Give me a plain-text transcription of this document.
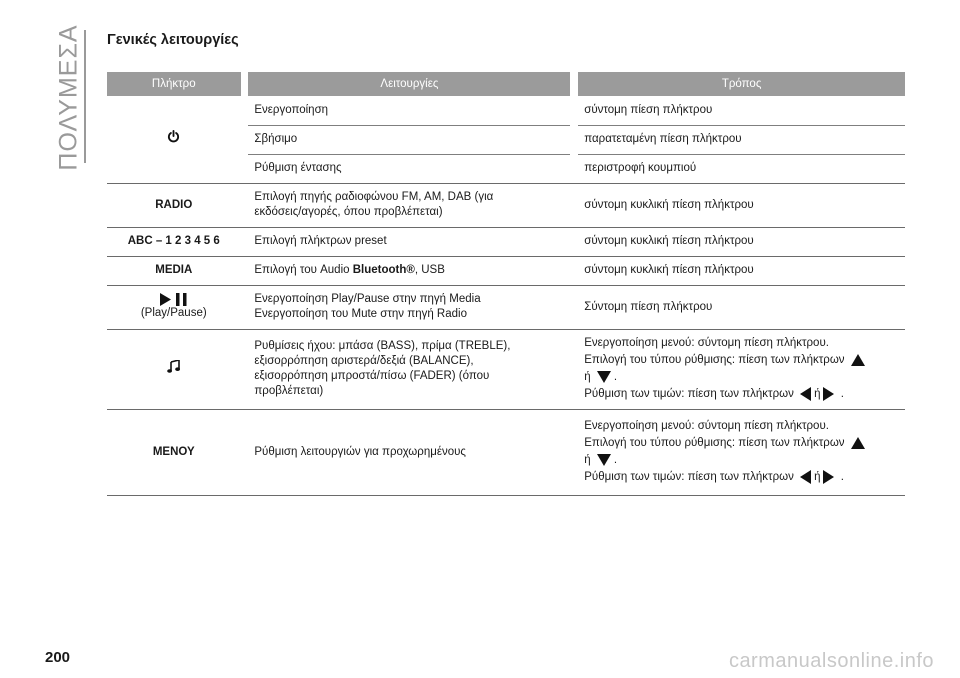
ΠΟΛΥΜΕΣΑ Γενικές λειτουργίες
Πλήκτρο		Λειτουργίες		Τρόπος
		Ενεργοποίηση		σύντομη πίεση πλήκτρου
		Σβήσιμο		παρατεταμένη πίεση πλήκτρου
		Ρύθμιση έντασης		περιστροφή κουμπιού
RADIO		Επιλογή πηγής ραδιοφώνου FM, AM, DAB (για
εκδόσεις/αγορές, όπου προβλέπεται)		σύντομη κυκλική πίεση πλήκτρου
ABC – 1 2 3 4 5 6		Επιλογή πλήκτρων preset		σύντομη κυκλική πίεση πλήκτρου
MEDIA		Επιλογή του Audio Bluetooth®, USB		σύντομη κυκλική πίεση πλήκτρου

(Play/Pause)		Ενεργοποίηση Play/Pause στην πηγή Media
Ενεργοποίηση του Mute στην πηγή Radio		Σύντομη πίεση πλήκτρου

Ρυθμίσεις ήχου: μπάσα (BASS), πρίμα (TREBLE),
εξισορρόπηση αριστερά/δεξιά (BALANCE),
εξισορρόπηση μπροστά/πίσω (FADER) (όπου
προβλέπεται)		Ενεργοποίηση μενού: σύντομη πίεση πλήκτρου.
Επιλογή του τύπου ρύθμισης: πίεση των πλήκτρων
ή .
Ρύθμιση των τιμών: πίεση των πλήκτρων ή .

ΜΕΝΟΥ		Ρύθμιση λειτουργιών για προχωρημένους		Ενεργοποίηση μενού: σύντομη πίεση πλήκτρου.
Επιλογή του τύπου ρύθμισης: πίεση των πλήκτρων
ή .
Ρύθμιση των τιμών: πίεση των πλήκτρων ή .
200	carmanualsonline.info
